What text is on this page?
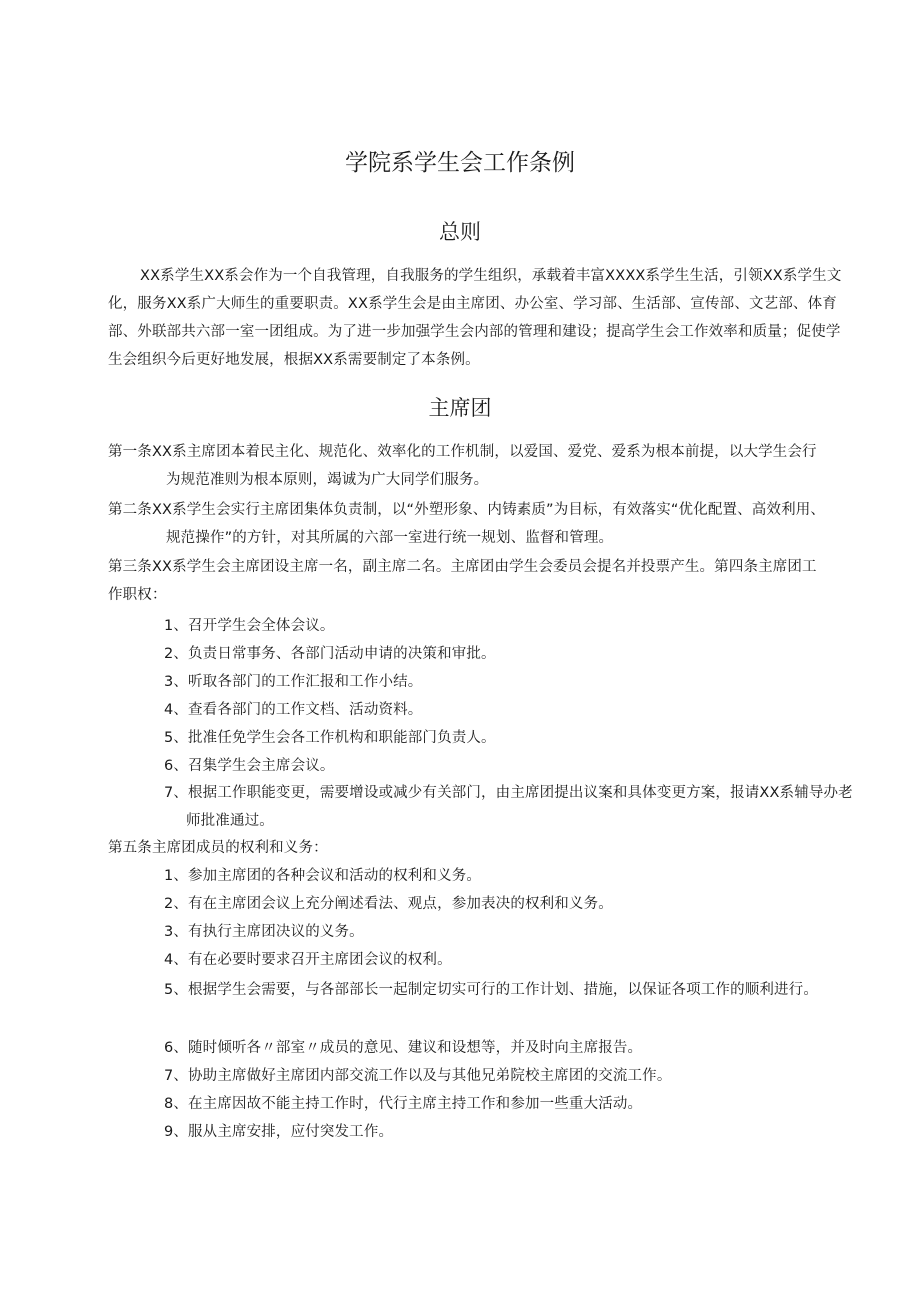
学院系学生会工作条例
总则

XX系学生XX系会作为一个自我管理，自我服务的学生组织，承载着丰富XXXX系学生生活，引领XX系学生文化，服务XX系广大师生的重要职责。XX系学生会是由主席团、办公室、学习部、生活部、宣传部、文艺部、体育部、外联部共六部一室一团组成。为了进一步加强学生会内部的管理和建设；提高学生会工作效率和质量；促使学生会组织今后更好地发展，根据XX系需要制定了本条例。

主席团

第一条XX系主席团本着民主化、规范化、效率化的工作机制，以爱国、爱党、爱系为根本前提，以大学生会行为规范准则为根本原则，竭诚为广大同学们服务。

第二条XX系学生会实行主席团集体负责制，以“外塑形象、内铸素质”为目标，有效落实“优化配置、高效利用、规范操作”的方针，对其所属的六部一室进行统一规划、监督和管理。

第三条XX系学生会主席团设主席一名，副主席二名。主席团由学生会委员会提名并投票产生。第四条主席团工作职权：

1、召开学生会全体会议。

2、负责日常事务、各部门活动申请的决策和审批。

3、听取各部门的工作汇报和工作小结。

4、查看各部门的工作文档、活动资料。

5、批准任免学生会各工作机构和职能部门负责人。

6、召集学生会主席会议。

7、根据工作职能变更，需要增设或减少有关部门，由主席团提出议案和具体变更方案，报请XX系辅导办老师批准通过。

第五条主席团成员的权利和义务：

1、参加主席团的各种会议和活动的权利和义务。

2、有在主席团会议上充分阐述看法、观点，参加表决的权利和义务。

3、有执行主席团决议的义务。

4、有在必要时要求召开主席团会议的权利。

5、根据学生会需要，与各部部长一起制定切实可行的工作计划、措施，以保证各项工作的顺利进行。

6、随时倾听各〃部室〃成员的意见、建议和设想等，并及时向主席报告。

7、协助主席做好主席团内部交流工作以及与其他兄弟院校主席团的交流工作。

8、在主席因故不能主持工作时，代行主席主持工作和参加一些重大活动。

9、服从主席安排，应付突发工作。
